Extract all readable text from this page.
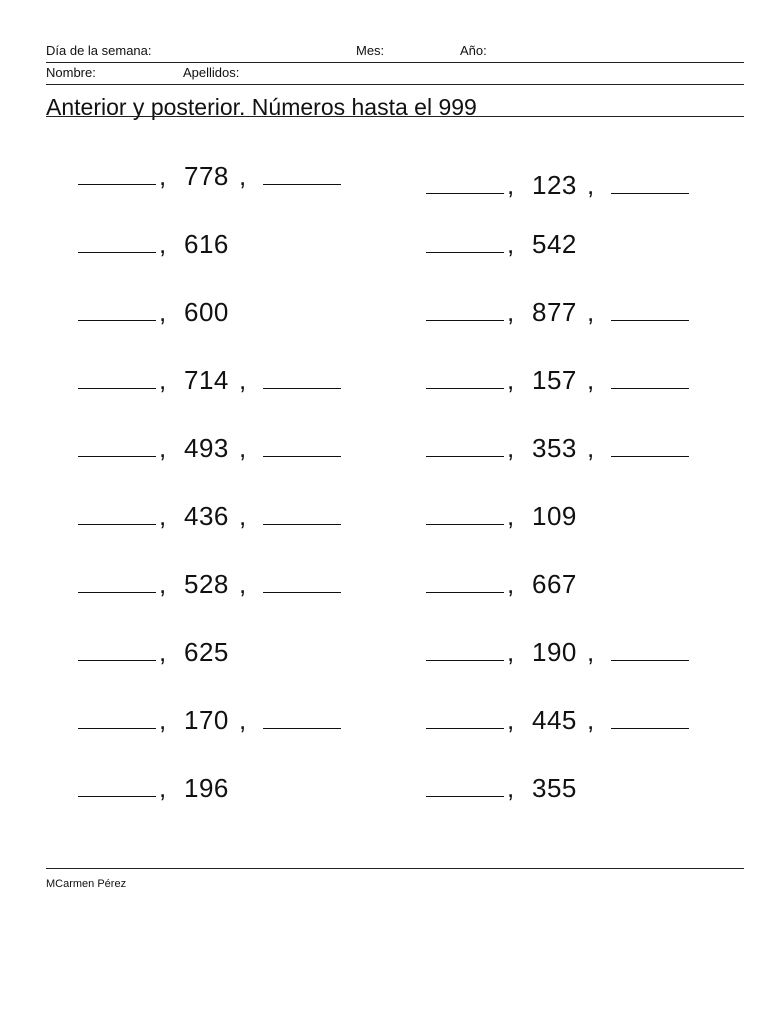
Día de la semana:	Mes:	Año:
Nombre:	Apellidos:
Anterior y posterior. Números hasta el 999
, 778 ,
, 616
, 600
, 714 ,
, 493 ,
, 436 ,
, 528 ,
, 625
, 170 ,
, 196
, 123 ,
, 542
, 877 ,
, 157 ,
, 353 ,
, 109
, 667
, 190 ,
, 445 ,
, 355
MCarmen Pérez
